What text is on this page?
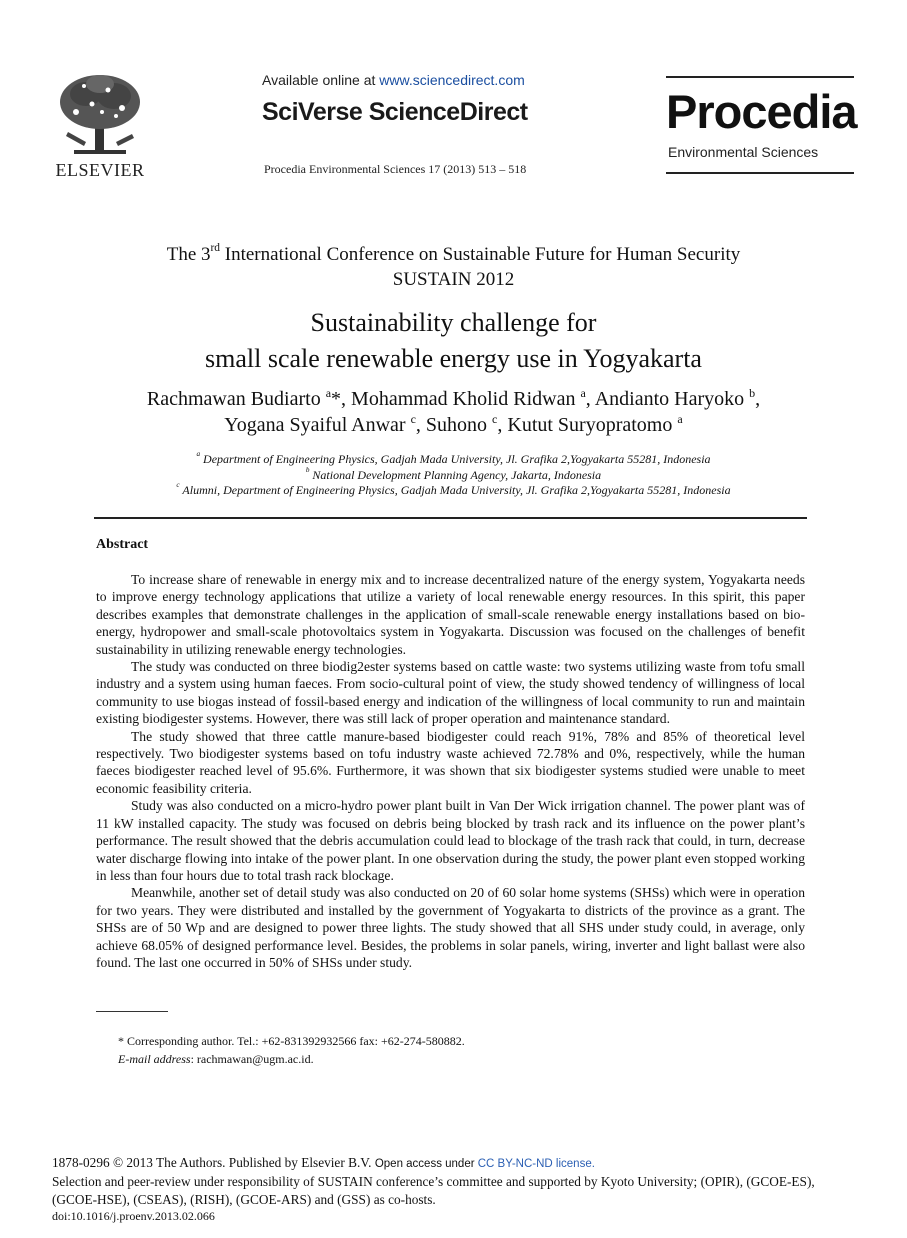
ELSEVIER
Available online at www.sciencedirect.com
SciVerse ScienceDirect
Procedia Environmental Sciences 17 (2013) 513 – 518
Procedia
Environmental Sciences
The 3rd International Conference on Sustainable Future for Human Security
SUSTAIN 2012
Sustainability challenge for
small scale renewable energy use in Yogyakarta
Rachmawan Budiarto $^a$*, Mohammad Kholid Ridwan $^a$, Andianto Haryoko $^b$,
Yogana Syaiful Anwar $^c$, Suhono $^c$, Kutut Suryopratomo $^a$
$^a$ Department of Engineering Physics, Gadjah Mada University, Jl. Grafika 2,Yogyakarta 55281, Indonesia
$^b$ National Development Planning Agency, Jakarta, Indonesia
$^c$ Alumni, Department of Engineering Physics, Gadjah Mada University, Jl. Grafika 2,Yogyakarta 55281, Indonesia
Abstract

To increase share of renewable in energy mix and to increase decentralized nature of the energy system, Yogyakarta needs to improve energy technology applications that utilize a variety of local renewable energy resources. In this spirit, this paper describes examples that demonstrate challenges in the application of small-scale renewable energy installations based on bio-energy, hydropower and small-scale photovoltaics system in Yogyakarta. Discussion was focused on the challenges of benefit sustainability in utilizing renewable energy technologies.

The study was conducted on three biodig2ester systems based on cattle waste: two systems utilizing waste from tofu small industry and a system using human faeces. From socio-cultural point of view, the study showed tendency of willingness of local community to use biogas instead of fossil-based energy and indication of the willingness of local community to run and maintain existing biodigester systems. However, there was still lack of proper operation and maintenance standard.

The study showed that three cattle manure-based biodigester could reach 91%, 78% and 85% of theoretical level respectively. Two biodigester systems based on tofu industry waste achieved 72.78% and 0%, respectively, while the human faeces biodigester reached level of 95.6%. Furthermore, it was shown that six biodigester systems studied were unable to meet economic feasibility criteria.

Study was also conducted on a micro-hydro power plant built in Van Der Wick irrigation channel. The power plant was of 11 kW installed capacity. The study was focused on debris being blocked by trash rack and its influence on the power plant’s performance. The result showed that the debris accumulation could lead to blockage of the trash rack that could, in turn, decrease water discharge flowing into intake of the power plant. In one observation during the study, the power plant even stopped working in less than four hours due to total trash rack blockage.

Meanwhile, another set of detail study was also conducted on 20 of 60 solar home systems (SHSs) which were in operation for two years. They were distributed and installed by the government of Yogyakarta to districts of the province as a grant. The SHSs are of 50 Wp and are designed to power three lights. The study showed that all SHS under study could, in average, only achieve 68.05% of designed performance level. Besides, the problems in solar panels, wiring, inverter and light ballast were also found. The last one occurred in 50% of SHSs under study.

* Corresponding author. Tel.: +62-831392932566 fax: +62-274-580882.
E-mail address: rachmawan@ugm.ac.id.
1878-0296 © 2013 The Authors. Published by Elsevier B.V. Open access under CC BY-NC-ND license.
Selection and peer-review under responsibility of SUSTAIN conference’s committee and supported by Kyoto University; (OPIR), (GCOE-ES), (GCOE-HSE), (CSEAS), (RISH), (GCOE-ARS) and (GSS) as co-hosts.
doi:10.1016/j.proenv.2013.02.066
